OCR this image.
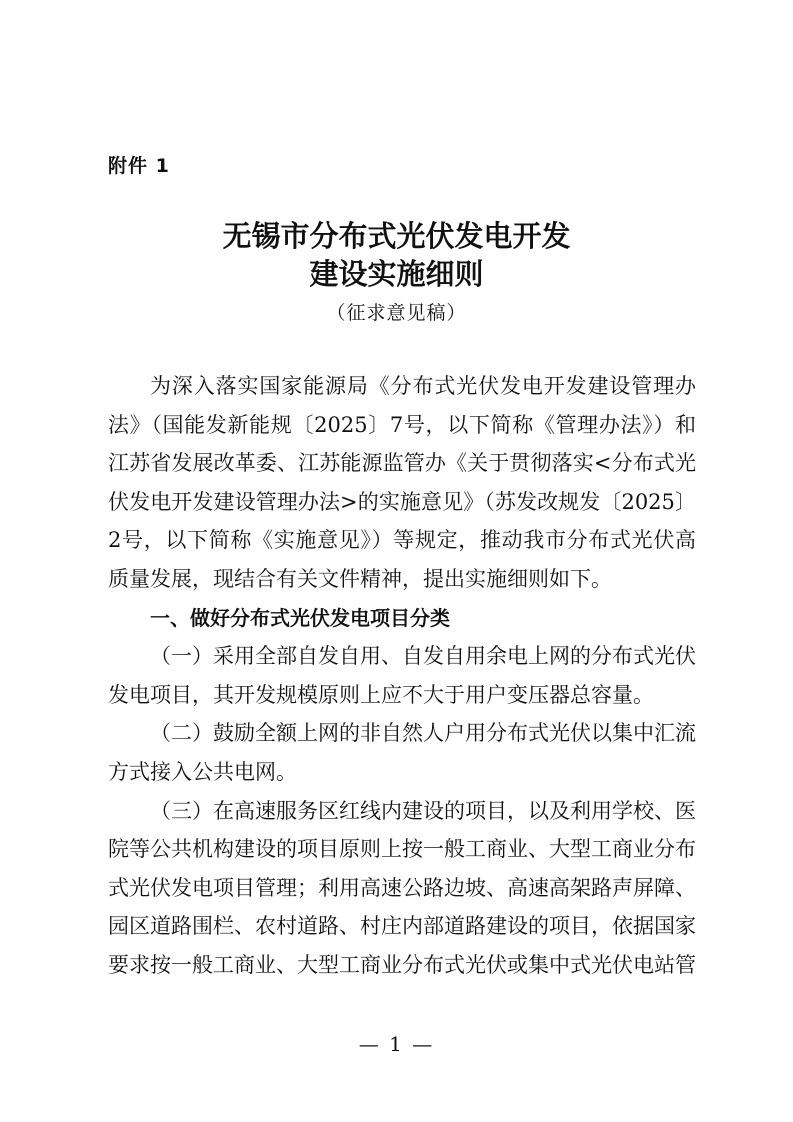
附件 1
无锡市分布式光伏发电开发
建设实施细则
（征求意见稿）

为深入落实国家能源局《分布式光伏发电开发建设管理办法》（国能发新能规〔2025〕7号，以下简称《管理办法》）和江苏省发展改革委、江苏能源监管办《关于贯彻落实<分布式光伏发电开发建设管理办法>的实施意见》（苏发改规发〔2025〕2号，以下简称《实施意见》）等规定，推动我市分布式光伏高质量发展，现结合有关文件精神，提出实施细则如下。

一、做好分布式光伏发电项目分类

（一）采用全部自发自用、自发自用余电上网的分布式光伏发电项目，其开发规模原则上应不大于用户变压器总容量。

（二）鼓励全额上网的非自然人户用分布式光伏以集中汇流方式接入公共电网。

（三）在高速服务区红线内建设的项目，以及利用学校、医院等公共机构建设的项目原则上按一般工商业、大型工商业分布式光伏发电项目管理；利用高速公路边坡、高速高架路声屏障、园区道路围栏、农村道路、村庄内部道路建设的项目，依据国家要求按一般工商业、大型工商业分布式光伏或集中式光伏电站管

— 1 —
